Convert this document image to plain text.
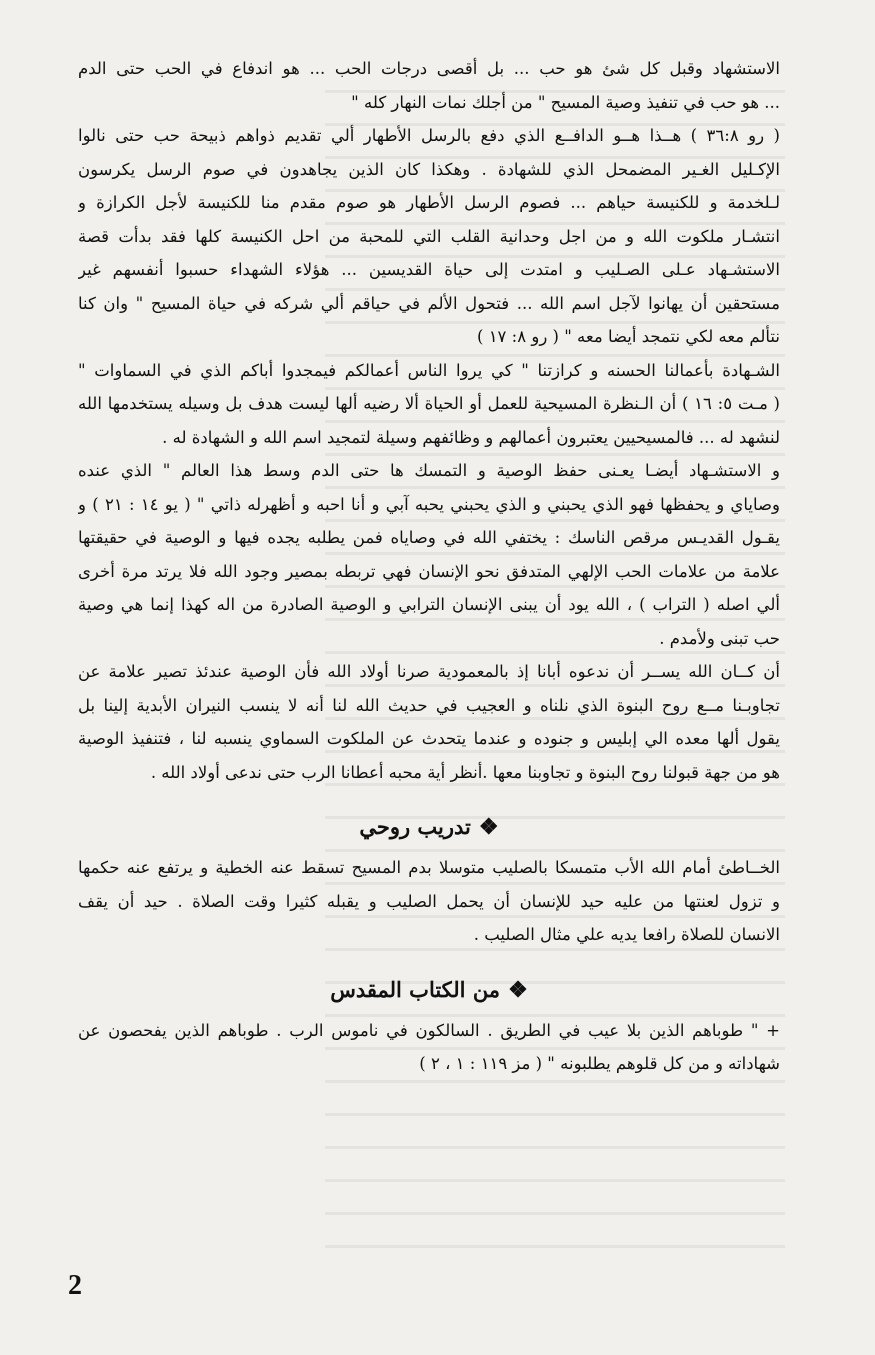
الاستشهاد وقبل كل شئ هو حب ... بل أقصى درجات الحب ... هو اندفاع في الحب حتى الدم

... هو حب في تنفيذ وصية المسيح " من أجلك نمات النهار كله "

( رو ٣٦:٨ ) هــذا هــو الدافــع الذي دفع بالرسل الأطهار ألي تقديم ذواهم ذبيحة حب حتى نالوا

الإكـليل الغـير المضمحل الذي للشهادة . وهكذا كان الذين يجاهدون في صوم الرسل يكرسون

لـلخدمة و للكنيسة حياهم ... فصوم الرسل الأطهار هو صوم مقدم منا للكنيسة لأجل الكرازة و

انتشـار ملكوت الله و من اجل وحدانية القلب التي للمحبة من احل الكنيسة كلها فقد بدأت قصة

الاستشـهاد عـلى الصـليب و امتدت إلى حياة القديسين ... هؤلاء الشهداء حسبوا أنفسهم غير

مستحقين أن يهانوا لآجل اسم الله ... فتحول الألم في حياقم ألي شركه في حياة المسيح " وان كنا

نتألم معه لكي نتمجد أيضا معه " ( رو ٨: ١٧ )

الشـهادة بأعمالنا الحسنه و كرازتنا " كي يروا الناس أعمالكم فيمجدوا أباكم الذي في السماوات "

( مـت ٥: ١٦ ) أن الـنظرة المسيحية للعمل أو الحياة ألا رضيه ألها ليست هدف بل وسيله يستخدمها الله

لنشهد له ... فالمسيحيين يعتبرون أعمالهم و وظائفهم وسيلة لتمجيد اسم الله و الشهادة له .

و الاستشـهاد أيضـا يعـنى حفظ الوصية و التمسك ها حتى الدم وسط هذا العالم " الذي عنده

وصاياي و يحفظها فهو الذي يحبني و الذي يحبني يحبه آبي و أنا احبه و أظهرله ذاتي " ( يو ١٤ : ٢١ ) و

يقـول القديـس مرقص الناسك : يختفي الله في وصاياه فمن يطلبه يجده فيها و الوصية في حقيقتها

علامة من علامات الحب الإلهي المتدفق نحو الإنسان فهي تربطه بمصير وجود الله فلا يرتد مرة أخرى

ألي اصله ( التراب ) ، الله يود أن يبنى الإنسان الترابي و الوصية الصادرة من اله كهذا إنما هي وصية

حب تبنى ولأمدم .

أن كــان الله يســر أن ندعوه أبانا إذ بالمعمودية صرنا أولاد الله فأن الوصية عندئذ تصير علامة عن

تجاوبـنا مــع روح البنوة الذي نلناه و العجيب في حديث الله لنا أنه لا ينسب النيران الأبدية إلينا بل

يقول ألها معده الي إبليس و جنوده و عندما يتحدث عن الملكوت السماوي ينسبه لنا ، فتنفيذ الوصية

هو من جهة قبولنا روح البنوة و تجاوبنا معها .أنظر أية محبه أعطانا الرب حتى ندعى أولاد الله .

❖تدريب روحي

الخــاطئ أمام الله الأب متمسكا بالصليب متوسلا بدم المسيح تسقط عنه الخطية و يرتفع عنه حكمها

و تزول لعنتها من عليه حيد للإنسان أن يحمل الصليب و يقبله كثيرا وقت الصلاة . حيد أن يقف

الانسان للصلاة رافعا يديه علي مثال الصليب .

❖من الكتاب المقدس

+ " طوباهم الذين بلا عيب في الطريق . السالكون في ناموس الرب . طوباهم الذين يفحصون عن

شهاداته و من كل قلوهم يطلبونه " ( مز ١١٩ : ١ ، ٢ )

2
